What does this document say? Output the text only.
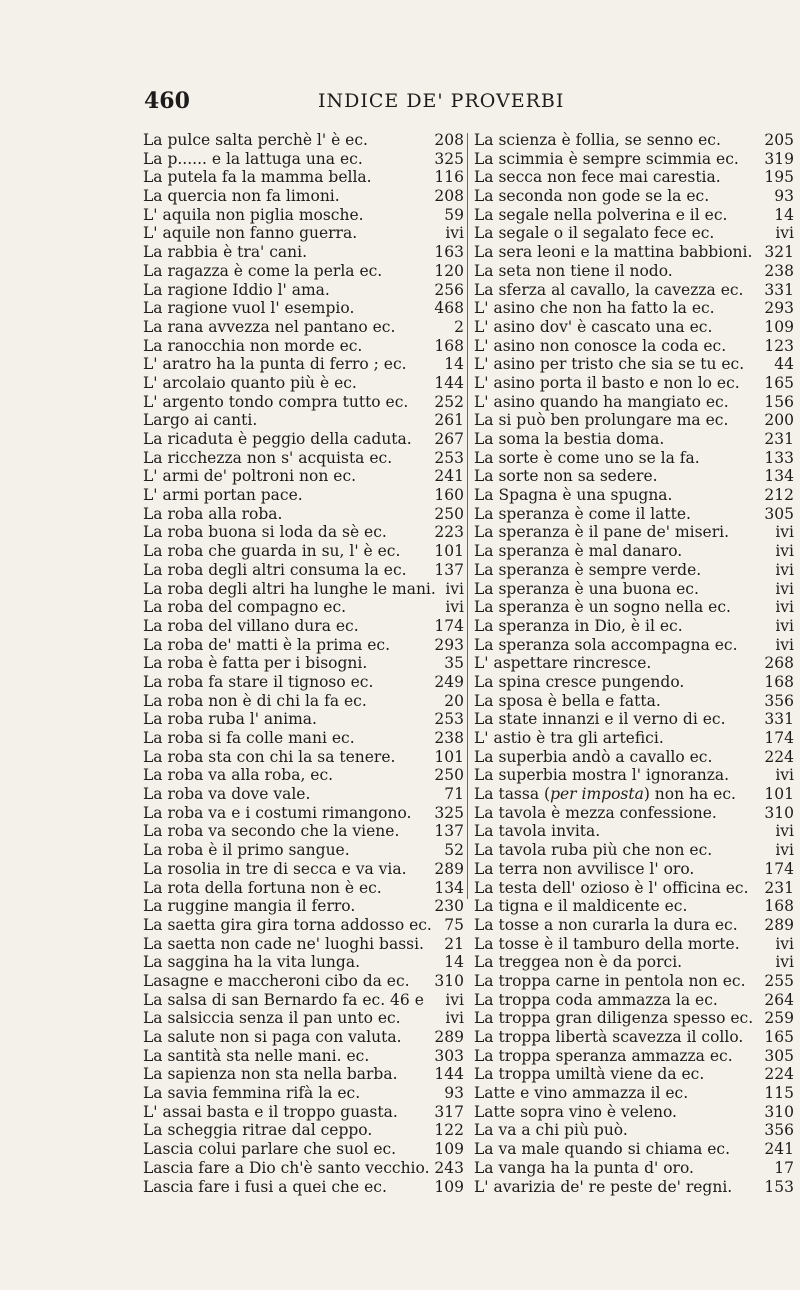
460	INDICE DE' PROVERBI
La pulce salta perchè l' è ec.	208
La p...... e la lattuga una ec.	325
La putela fa la mamma bella.	116
La quercia non fa limoni.	208
L' aquila non piglia mosche.	59
L' aquile non fanno guerra.	ivi
La rabbia è tra' cani.	163
La ragazza è come la perla ec.	120
La ragione Iddio l' ama.	256
La ragione vuol l' esempio.	468
La rana avvezza nel pantano ec.	2
La ranocchia non morde ec.	168
L' aratro ha la punta di ferro ; ec.	14
L' arcolaio quanto più è ec.	144
L' argento tondo compra tutto ec. 252
Largo ai canti.	261
La ricaduta è peggio della caduta. 267
La ricchezza non s' acquista ec.	253
L' armi de' poltroni non ec.	241
L' armi portan pace.	160
La roba alla roba.	250
La roba buona si loda da sè ec.	223
La roba che guarda in su, l' è ec. 101
La roba degli altri consuma la ec. 137
La roba degli altri ha lunghe le mani. ivi
La roba del compagno ec.	ivi
La roba del villano dura ec.	174
La roba de' matti è la prima ec.	293
La roba è fatta per i bisogni.	35
La roba fa stare il tignoso ec.	249
La roba non è di chi la fa ec.	20
La roba ruba l' anima.	253
La roba si fa colle mani ec.	238
La roba sta con chi la sa tenere.	101
La roba va alla roba, ec.	250
La roba va dove vale.	71
La roba va e i costumi rimangono. 325
La roba va secondo che la viene. 137
La roba è il primo sangue.	52
La rosolia in tre di secca e va via. 289
La rota della fortuna non è ec.	134
La ruggine mangia il ferro.	230
La saetta gira gira torna addosso ec. 75
La saetta non cade ne' luoghi bassi.	21
La saggina ha la vita lunga.	14
Lasagne e maccheroni cibo da ec. 310
La salsa di san Bernardo fa ec. 46 e	ivi
La salsiccia senza il pan unto ec.	ivi
La salute non si paga con valuta. 289
La santità sta nelle mani. ec.	303
La sapienza non sta nella barba. 144
La savia femmina rifà la ec.	93
L' assai basta e il troppo guasta. 317
La scheggia ritrae dal ceppo.	122
Lascia colui parlare che suol ec. 109
Lascia fare a Dio ch'è santo vecchio. 243
Lascia fare i fusi a quei che ec.	109
La scienza è follia, se senno ec.	205
La scimmia è sempre scimmia ec. 319
La secca non fece mai carestia.	195
La seconda non gode se la ec.	93
La segale nella polverina e il ec.	14
La segale o il segalato fece ec.	ivi
La sera leoni e la mattina babbioni. 321
La seta non tiene il nodo.	238
La sferza al cavallo, la cavezza ec. 331
L' asino che non ha fatto la ec.	293
L' asino dov' è cascato una ec.	109
L' asino non conosce la coda ec. 123
L' asino per tristo che sia se tu ec.	44
L' asino porta il basto e non lo ec. 165
L' asino quando ha mangiato ec. 156
La si può ben prolungare ma ec. 200
La soma la bestia doma.	231
La sorte è come uno se la fa.	133
La sorte non sa sedere.	134
La Spagna è una spugna.	212
La speranza è come il latte.	305
La speranza è il pane de' miseri.	ivi
La speranza è mal danaro.	ivi
La speranza è sempre verde.	ivi
La speranza è una buona ec.	ivi
La speranza è un sogno nella ec.	ivi
La speranza in Dio, è il ec.	ivi
La speranza sola accompagna ec.	ivi
L' aspettare rincresce.	268
La spina cresce pungendo.	168
La sposa è bella e fatta.	356
La state innanzi e il verno di ec.	331
L' astio è tra gli artefici.	174
La superbia andò a cavallo ec.	224
La superbia mostra l' ignoranza.	ivi
La tassa (per imposta) non ha ec. 101
La tavola è mezza confessione.	310
La tavola invita.	ivi
La tavola ruba più che non ec.	ivi
La terra non avvilisce l' oro.	174
La testa dell' ozioso è l' officina ec. 231
La tigna e il maldicente ec.	168
La tosse a non curarla la dura ec. 289
La tosse è il tamburo della morte.	ivi
La treggea non è da porci.	ivi
La troppa carne in pentola non ec. 255
La troppa coda ammazza la ec.	264
La troppa gran diligenza spesso ec. 259
La troppa libertà scavezza il collo. 165
La troppa speranza ammazza ec. 305
La troppa umiltà viene da ec.	224
Latte e vino ammazza il ec.	115
Latte sopra vino è veleno.	310
La va a chi più può.	356
La va male quando si chiama ec. 241
La vanga ha la punta d' oro.	17
L' avarizia de' re peste de' regni. 153
